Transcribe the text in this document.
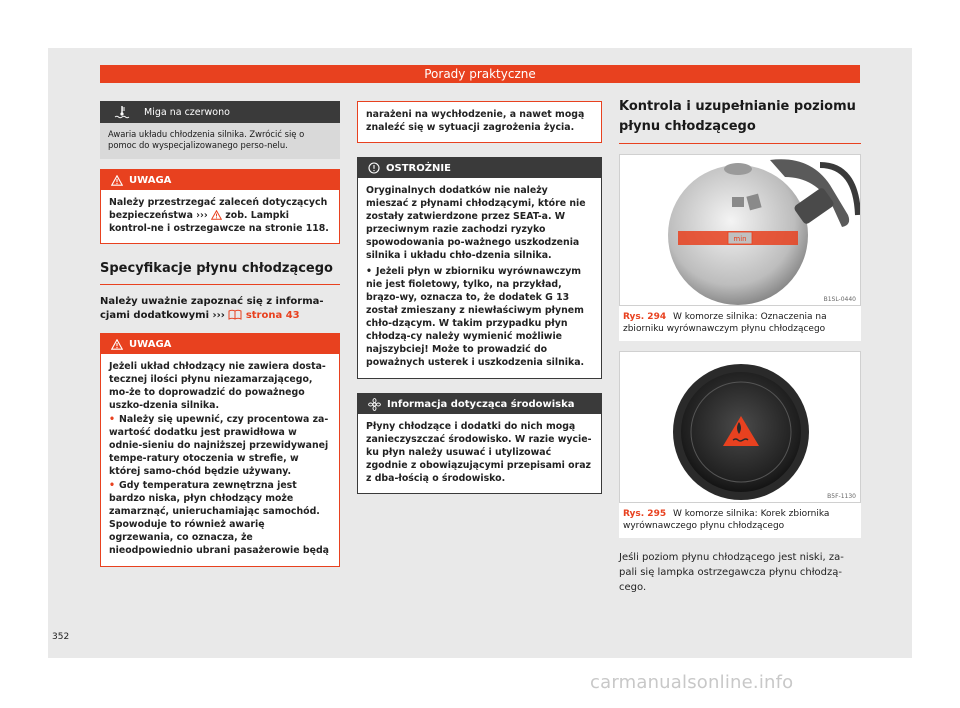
Porady praktyczne
Miga na czerwono
Awaria układu chłodzenia silnika. Zwrócić się o pomoc do wyspecjalizowanego perso-nelu.
UWAGA
Należy przestrzegać zaleceń dotyczących bezpieczeństwa ››› zob. Lampki kontrol-ne i ostrzegawcze na stronie 118.
Specyfikacje płynu chłodzącego
Należy uważnie zapoznać się z informa-cjami dodatkowymi ››› strona 43
UWAGA

Jeżeli układ chłodzący nie zawiera dosta-tecznej ilości płynu niezamarzającego, mo-że to doprowadzić do poważnego uszko-dzenia silnika.

• Należy się upewnić, czy procentowa za-wartość dodatku jest prawidłowa w odnie-sieniu do najniższej przewidywanej tempe-ratury otoczenia w strefie, w której samo-chód będzie używany.

• Gdy temperatura zewnętrzna jest bardzo niska, płyn chłodzący może zamarznąć, unieruchamiając samochód. Spowoduje to również awarię ogrzewania, co oznacza, że nieodpowiednio ubrani pasażerowie będą

narażeni na wychłodzenie, a nawet mogą znaleźć się w sytuacji zagrożenia życia.
OSTROŻNIE

Oryginalnych dodatków nie należy mieszać z płynami chłodzącymi, które nie zostały zatwierdzone przez SEAT-a. W przeciwnym razie zachodzi ryzyko spowodowania po-ważnego uszkodzenia silnika i układu chło-dzenia silnika.

• Jeżeli płyn w zbiorniku wyrównawczym nie jest fioletowy, tylko, na przykład, brązo-wy, oznacza to, że dodatek G 13 został zmieszany z niewłaściwym płynem chło-dzącym. W takim przypadku płyn chłodzą-cy należy wymienić możliwie najszybciej! Może to prowadzić do poważnych usterek i uszkodzenia silnika.

Informacja dotycząca środowiska
Płyny chłodzące i dodatki do nich mogą zanieczyszczać środowisko. W razie wycie-ku płyn należy usuwać i utylizować zgodnie z obowiązującymi przepisami oraz z dba-łością o środowisko.
Kontrola i uzupełnianie poziomu płynu chłodzącego
min
B1SL-0440
Rys. 294 W komorze silnika: Oznaczenia na zbiorniku wyrównawczym płynu chłodzącego
B5F-1130
Rys. 295 W komorze silnika: Korek zbiornika wyrównawczego płynu chłodzącego
Jeśli poziom płynu chłodzącego jest niski, za-pali się lampka ostrzegawcza płynu chłodzą-cego.
352
carmanualsonline.info
